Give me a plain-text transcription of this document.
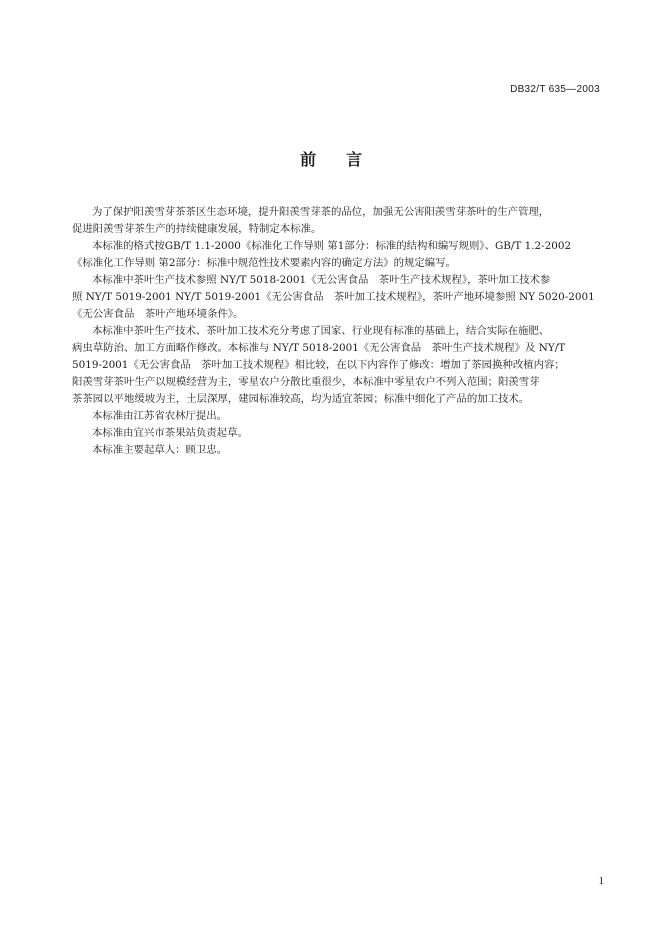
DB32/T 635—2003
前言
为了保护阳羡雪芽茶茶区生态环境，提升阳羡雪芽茶的品位，加强无公害阳羡雪芽茶叶的生产管理，
促进阳羡雪芽茶生产的持续健康发展，特制定本标准。
本标准的格式按GB/T 1.1-2000《标准化工作导则 第1部分：标准的结构和编写规则》、GB/T 1.2-2002
《标准化工作导则 第2部分：标准中规范性技术要素内容的确定方法》的规定编写。
本标准中茶叶生产技术参照 NY/T 5018-2001《无公害食品　茶叶生产技术规程》，茶叶加工技术参
照 NY/T 5019-2001 NY/T 5019-2001《无公害食品　茶叶加工技术规程》，茶叶产地环境参照 NY 5020-2001
《无公害食品　茶叶产地环境条件》。
本标准中茶叶生产技术、茶叶加工技术充分考虑了国家、行业现有标准的基础上，结合实际在施肥、
病虫草防治、加工方面略作修改。本标准与 NY/T 5018-2001《无公害食品　茶叶生产技术规程》及 NY/T
5019-2001《无公害食品　茶叶加工技术规程》相比较，在以下内容作了修改：增加了茶园换种改植内容；
阳羡雪芽茶叶生产以规模经营为主，零星农户分散比重很少，本标准中零星农户不列入范围；阳羡雪芽
茶茶园以平地缓坡为主，土层深厚，建园标准较高，均为适宜茶园；标准中细化了产品的加工技术。
本标准由江苏省农林厅提出。
本标准由宜兴市茶果站负责起草。
本标准主要起草人：顾卫忠。
1
